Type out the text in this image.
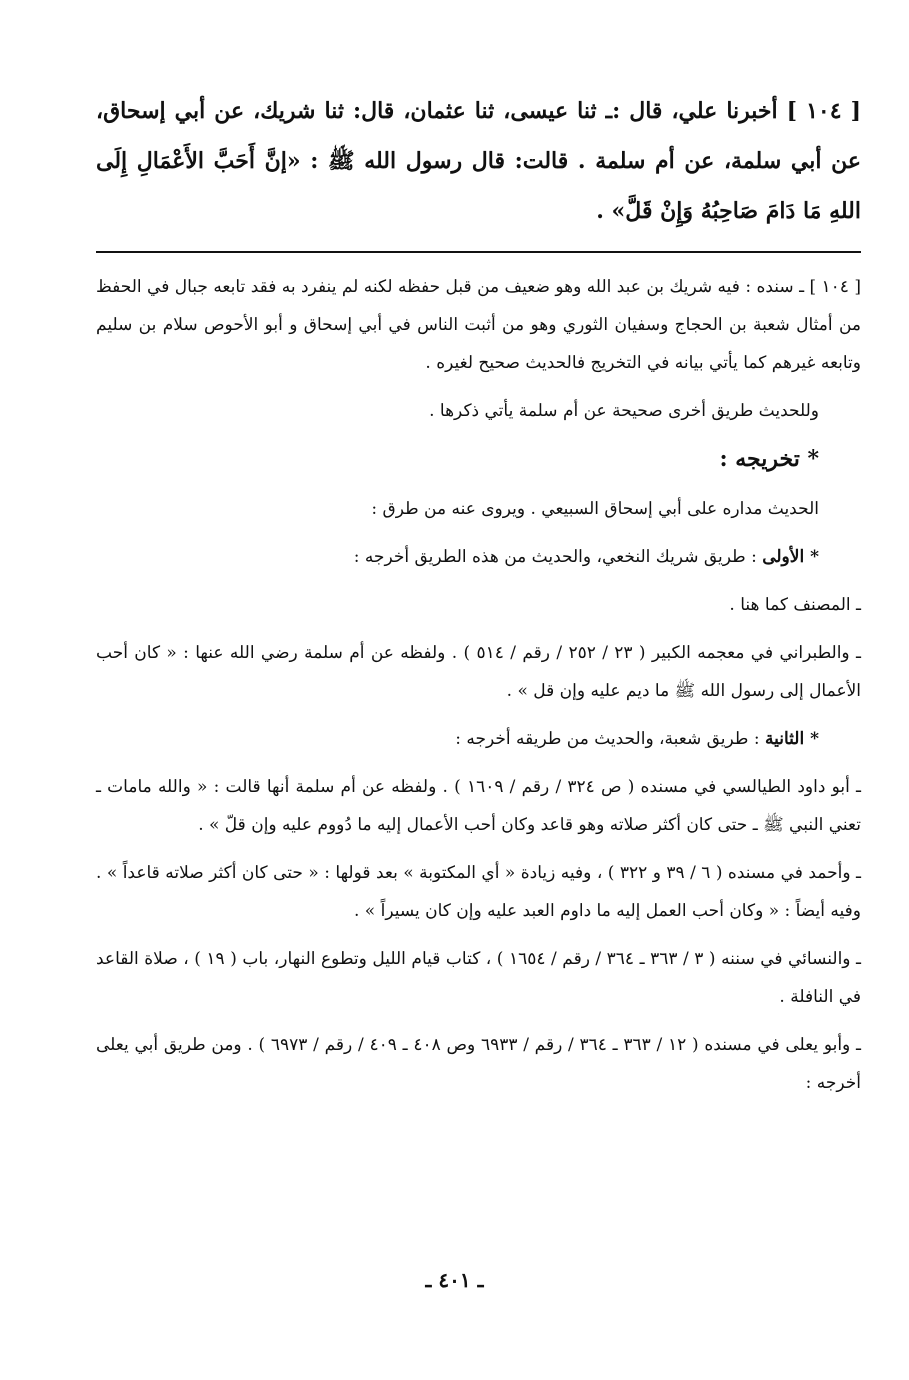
[ ١٠٤ ] أخبرنا علي، قال :ـ ثنا عيسى، ثنا عثمان، قال: ثنا شريك، عن أبي إسحاق، عن أبي سلمة، عن أم سلمة . قالت: قال رسول الله ﷺ : «إنَّ أَحَبَّ الأَعْمَالِ إِلَى اللهِ مَا دَامَ صَاحِبُهُ وَإِنْ قَلَّ» .

[ ١٠٤ ] ـ سنده : فيه شريك بن عبد الله وهو ضعيف من قبل حفظه لكنه لم ينفرد به فقد تابعه جبال في الحفظ من أمثال شعبة بن الحجاج وسفيان الثوري وهو من أثبت الناس في أبي إسحاق و أبو الأحوص سلام بن سليم وتابعه غيرهم كما يأتي بيانه في التخريج فالحديث صحيح لغيره .

وللحديث طريق أخرى صحيحة عن أم سلمة يأتي ذكرها .

* تخريجه :

الحديث مداره على أبي إسحاق السبيعي . ويروى عنه من طرق :

* الأولى : طريق شريك النخعي، والحديث من هذه الطريق أخرجه :

ـ المصنف كما هنا .

ـ والطبراني في معجمه الكبير ( ٢٣ / ٢٥٢ / رقم / ٥١٤ ) . ولفظه عن أم سلمة رضي الله عنها : « كان أحب الأعمال إلى رسول الله ﷺ ما ديم عليه وإن قل » .

* الثانية : طريق شعبة، والحديث من طريقه أخرجه :

ـ أبو داود الطيالسي في مسنده ( ص ٣٢٤ / رقم / ١٦٠٩ ) . ولفظه عن أم سلمة أنها قالت : « والله مامات ـ تعني النبي ﷺ ـ حتى كان أكثر صلاته وهو قاعد وكان أحب الأعمال إليه ما دُووم عليه وإن قلّ » .

ـ وأحمد في مسنده ( ٦ / ٣٩ و ٣٢٢ ) ، وفيه زيادة « أي المكتوبة » بعد قولها : « حتى كان أكثر صلاته قاعداً » . وفيه أيضاً : « وكان أحب العمل إليه ما داوم العبد عليه وإن كان يسيراً » .

ـ والنسائي في سننه ( ٣ / ٣٦٣ ـ ٣٦٤ / رقم / ١٦٥٤ ) ، كتاب قيام الليل وتطوع النهار، باب ( ١٩ ) ، صلاة القاعد في النافلة .

ـ وأبو يعلى في مسنده ( ١٢ / ٣٦٣ ـ ٣٦٤ / رقم / ٦٩٣٣ وص ٤٠٨ ـ ٤٠٩ / رقم / ٦٩٧٣ ) . ومن طريق أبي يعلى أخرجه :

ـ ٤٠١ ـ
